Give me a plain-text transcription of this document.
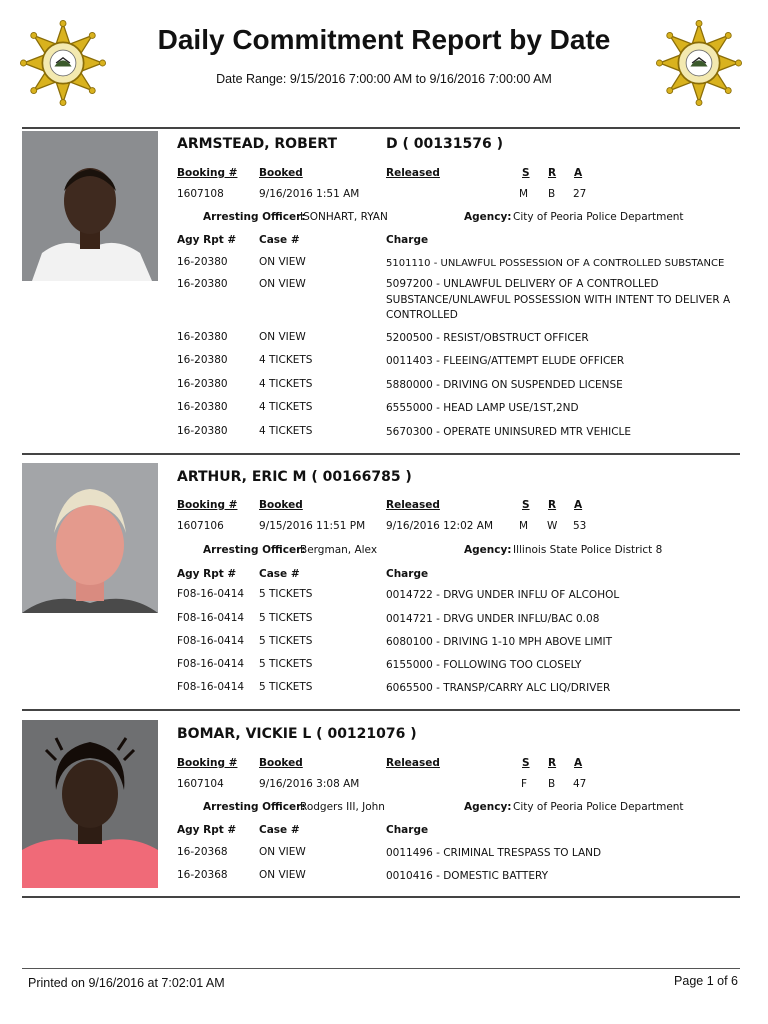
Daily Commitment Report by Date
Date Range: 9/15/2016 7:00:00 AM to 9/16/2016 7:00:00 AM
ARMSTEAD, ROBERT	D ( 00131576 )
Booking # Booked	Released	S R A
1607108	9/16/2016 1:51 AM	M B 27
Arresting Officer:
ISONHART, RYAN	Agency: City of Peoria Police Department
Agy Rpt # Case #	Charge
16-20380	ON VIEW	5101110 - UNLAWFUL POSSESSION OF A CONTROLLED SUBSTANCE
16-20380	ON VIEW	5097200 - UNLAWFUL DELIVERY OF A CONTROLLED SUBSTANCE/UNLAWFUL POSSESSION WITH INTENT TO DELIVER A CONTROLLED
16-20380	ON VIEW	5200500 - RESIST/OBSTRUCT OFFICER
16-20380	4 TICKETS	0011403 - FLEEING/ATTEMPT ELUDE OFFICER
16-20380	4 TICKETS	5880000 - DRIVING ON SUSPENDED LICENSE
16-20380	4 TICKETS	6555000 - HEAD LAMP USE/1ST,2ND
16-20380	4 TICKETS	5670300 - OPERATE UNINSURED MTR VEHICLE
ARTHUR, ERIC M ( 00166785 )
Booking # Booked	Released	S R A
1607106	9/15/2016 11:51 PM 9/16/2016 12:02 AM M W 53
Arresting Officer:
Bergman, Alex	Agency: Illinois State Police District 8
Agy Rpt # Case #	Charge
F08-16-0414 5 TICKETS	0014722 - DRVG UNDER INFLU OF ALCOHOL
F08-16-0414 5 TICKETS	0014721 - DRVG UNDER INFLU/BAC 0.08
F08-16-0414 5 TICKETS	6080100 - DRIVING 1-10 MPH ABOVE LIMIT
F08-16-0414 5 TICKETS	6155000 - FOLLOWING TOO CLOSELY
F08-16-0414 5 TICKETS	6065500 - TRANSP/CARRY ALC LIQ/DRIVER
BOMAR, VICKIE L ( 00121076 )
Booking # Booked	Released	S R A
1607104	9/16/2016 3:08 AM	F B 47
Arresting Officer:
Rodgers III, John	Agency: City of Peoria Police Department
Agy Rpt # Case #	Charge
16-20368	ON VIEW	0011496 - CRIMINAL TRESPASS TO LAND
16-20368	ON VIEW	0010416 - DOMESTIC BATTERY
Printed on 9/16/2016 at 7:02:01 AM	Page 1 of 6
